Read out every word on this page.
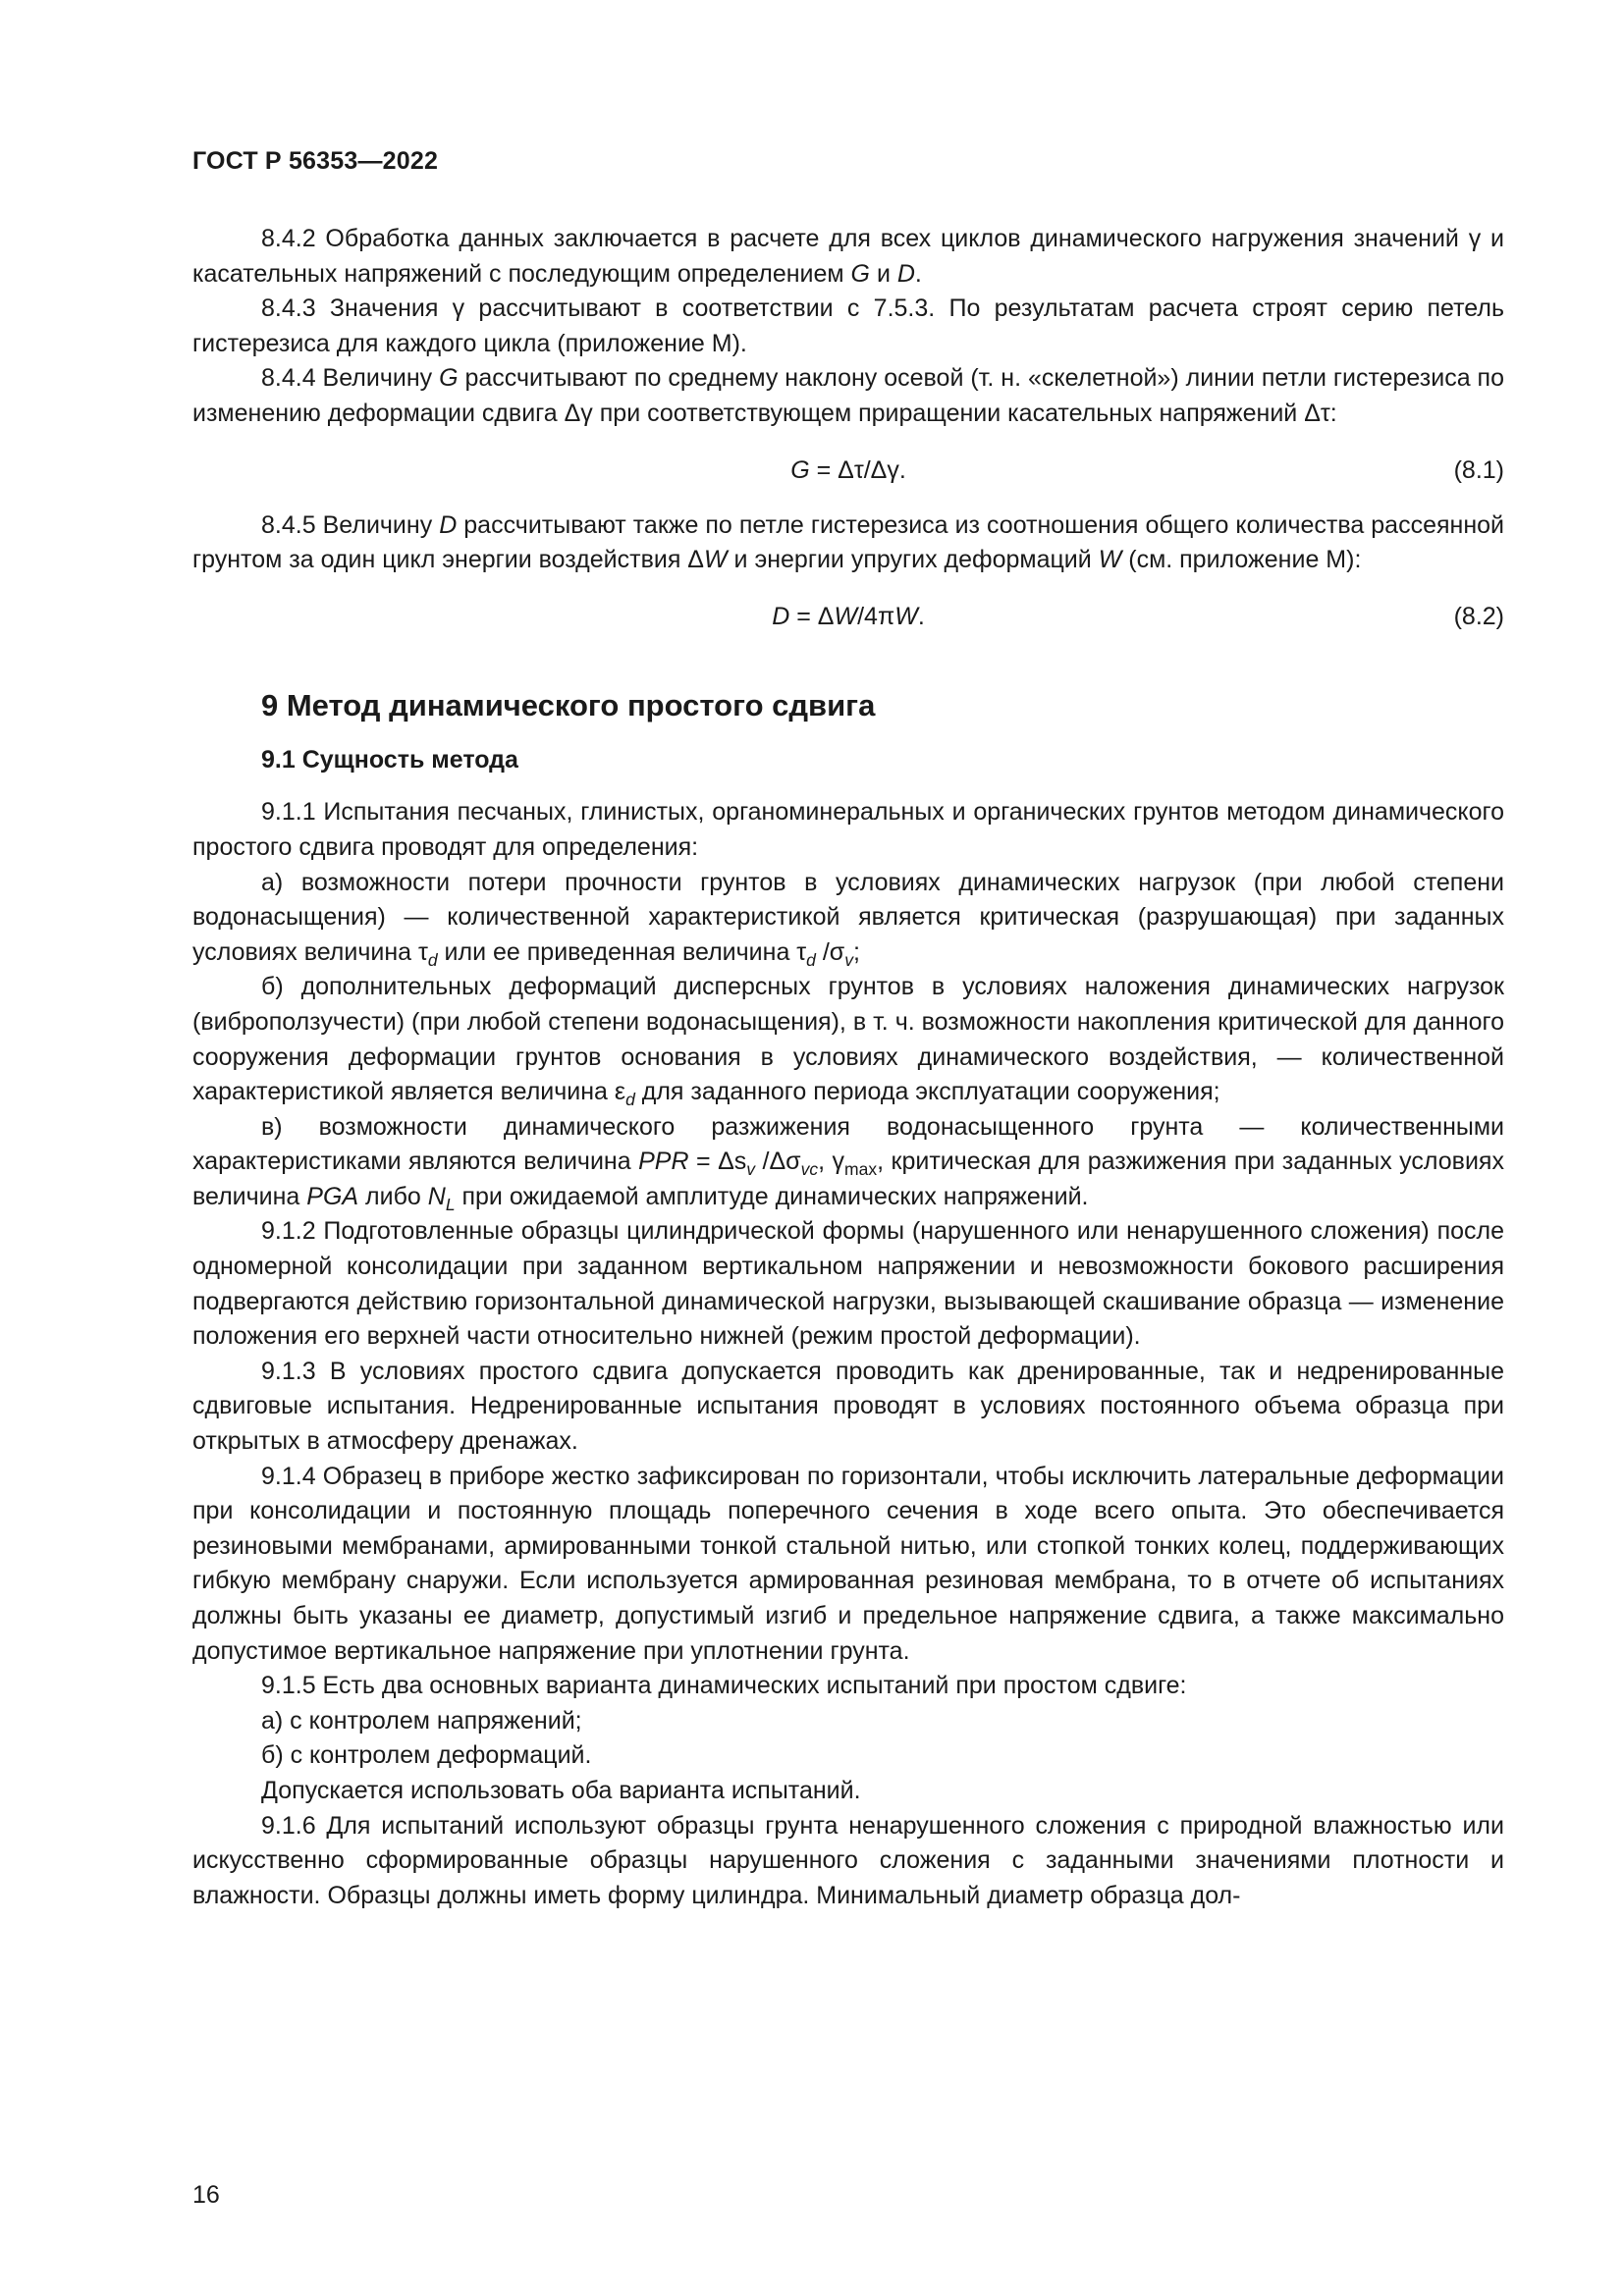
ГОСТ Р 56353—2022

8.4.2 Обработка данных заключается в расчете для всех циклов динамического нагружения значений γ и касательных напряжений с последующим определением G и D.

8.4.3 Значения γ рассчитывают в соответствии с 7.5.3. По результатам расчета строят серию петель гистерезиса для каждого цикла (приложение М).

8.4.4 Величину G рассчитывают по среднему наклону осевой (т. н. «скелетной») линии петли гистерезиса по изменению деформации сдвига Δγ при соответствующем приращении касательных напряжений Δτ:

G = Δτ/Δγ.	(8.1)

8.4.5 Величину D рассчитывают также по петле гистерезиса из соотношения общего количества рассеянной грунтом за один цикл энергии воздействия ΔW и энергии упругих деформаций W (см. приложение М):

D = ΔW/4πW.	(8.2)
9 Метод динамического простого сдвига
9.1 Сущность метода

9.1.1 Испытания песчаных, глинистых, органоминеральных и органических грунтов методом динамического простого сдвига проводят для определения:

а) возможности потери прочности грунтов в условиях динамических нагрузок (при любой степени водонасыщения) — количественной характеристикой является критическая (разрушающая) при заданных условиях величина $\tau_d$ или ее приведенная величина $\tau_d$ $/\sigma_v$;

б) дополнительных деформаций дисперсных грунтов в условиях наложения динамических нагрузок (виброползучести) (при любой степени водонасыщения), в т. ч. возможности накопления критической для данного сооружения деформации грунтов основания в условиях динамического воздействия, — количественной характеристикой является величина $\varepsilon_d$ для заданного периода эксплуатации сооружения;

в) возможности динамического разжижения водонасыщенного грунта — количественными характеристиками являются величина PPR = $\Delta s_v$ $/\Delta\sigma_{vc}$, $\gamma_{max}$, критическая для разжижения при заданных условиях величина PGA либо $N_L$ при ожидаемой амплитуде динамических напряжений.

9.1.2 Подготовленные образцы цилиндрической формы (нарушенного или ненарушенного сложения) после одномерной консолидации при заданном вертикальном напряжении и невозможности бокового расширения подвергаются действию горизонтальной динамической нагрузки, вызывающей скашивание образца — изменение положения его верхней части относительно нижней (режим простой деформации).

9.1.3 В условиях простого сдвига допускается проводить как дренированные, так и недренированные сдвиговые испытания. Недренированные испытания проводят в условиях постоянного объема образца при открытых в атмосферу дренажах.

9.1.4 Образец в приборе жестко зафиксирован по горизонтали, чтобы исключить латеральные деформации при консолидации и постоянную площадь поперечного сечения в ходе всего опыта. Это обеспечивается резиновыми мембранами, армированными тонкой стальной нитью, или стопкой тонких колец, поддерживающих гибкую мембрану снаружи. Если используется армированная резиновая мембрана, то в отчете об испытаниях должны быть указаны ее диаметр, допустимый изгиб и предельное напряжение сдвига, а также максимально допустимое вертикальное напряжение при уплотнении грунта.

9.1.5 Есть два основных варианта динамических испытаний при простом сдвиге:

а) с контролем напряжений;

б) с контролем деформаций.

Допускается использовать оба варианта испытаний.

9.1.6 Для испытаний используют образцы грунта ненарушенного сложения с природной влажностью или искусственно сформированные образцы нарушенного сложения с заданными значениями плотности и влажности. Образцы должны иметь форму цилиндра. Минимальный диаметр образца дол-

16
